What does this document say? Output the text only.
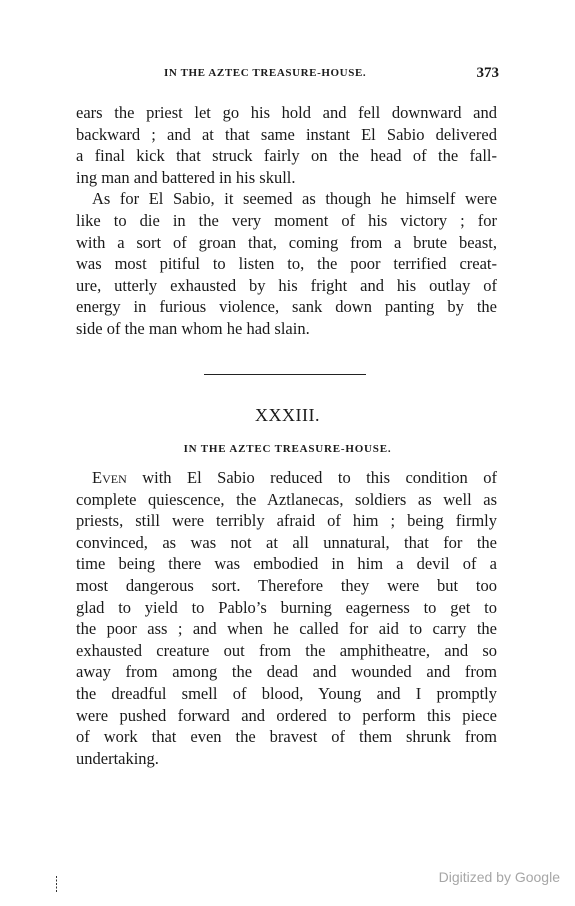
IN THE AZTEC TREASURE-HOUSE.	373
ears the priest let go his hold and fell downward and
backward ; and at that same instant El Sabio delivered
a final kick that struck fairly on the head of the fall-
ing man and battered in his skull.
As for El Sabio, it seemed as though he himself were
like to die in the very moment of his victory ; for
with a sort of groan that, coming from a brute beast,
was most pitiful to listen to, the poor terrified creat-
ure, utterly exhausted by his fright and his outlay of
energy in furious violence, sank down panting by the
side of the man whom he had slain.
XXXIII.
IN THE AZTEC TREASURE-HOUSE.
Even with El Sabio reduced to this condition of
complete quiescence, the Aztlanecas, soldiers as well as
priests, still were terribly afraid of him ; being firmly
convinced, as was not at all unnatural, that for the
time being there was embodied in him a devil of a
most dangerous sort. Therefore they were but too
glad to yield to Pablo’s burning eagerness to get to
the poor ass ; and when he called for aid to carry the
exhausted creature out from the amphitheatre, and so
away from among the dead and wounded and from
the dreadful smell of blood, Young and I promptly
were pushed forward and ordered to perform this piece
of work that even the bravest of them shrunk from
undertaking.
Digitized by Google
